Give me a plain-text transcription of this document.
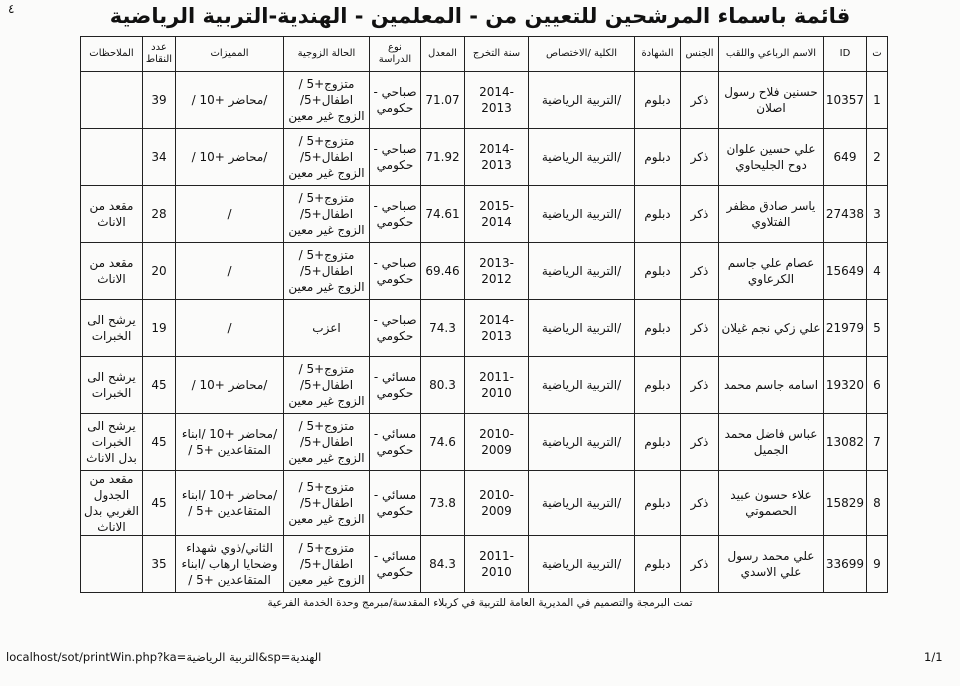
٤	قائمة باسماء المرشحين للتعيين من - المعلمين - الهندية-التربية الرياضية
ت	ID	الاسم الرباعي واللقب	الجنس	الشهادة	الكلية /الاختصاص	سنة التخرج	المعدل	نوع الدراسة	الحالة الزوجية	المميزات	عدد النقاط	الملاحظات
1	10357	حسنين فلاح رسول اصلان	ذكر	دبلوم	/التربية الرياضية	2014-2013	71.07	صباحي - حكومي	متزوج+5 / اطفال+5/ الزوج غير معين	/محاضر +10 /	39	
2	649	علي حسين علوان دوح الجليحاوي	ذكر	دبلوم	/التربية الرياضية	2014-2013	71.92	صباحي - حكومي	متزوج+5 / اطفال+5/ الزوج غير معين	/محاضر +10 /	34	
3	27438	ياسر صادق مظفر الفتلاوي	ذكر	دبلوم	/التربية الرياضية	2015-2014	74.61	صباحي - حكومي	متزوج+5 / اطفال+5/ الزوج غير معين	/	28	مقعد من الاناث
4	15649	عصام علي جاسم الكرعاوي	ذكر	دبلوم	/التربية الرياضية	2013-2012	69.46	صباحي - حكومي	متزوج+5 / اطفال+5/ الزوج غير معين	/	20	مقعد من الاناث
5	21979	علي زكي نجم غيلان	ذكر	دبلوم	/التربية الرياضية	2014-2013	74.3	صباحي - حكومي	اعزب	/	19	يرشح الى الخبرات
6	19320	اسامه جاسم محمد	ذكر	دبلوم	/التربية الرياضية	2011-2010	80.3	مسائي - حكومي	متزوج+5 / اطفال+5/ الزوج غير معين	/محاضر +10 /	45	يرشح الى الخبرات
7	13082	عباس فاضل محمد الجميل	ذكر	دبلوم	/التربية الرياضية	2010-2009	74.6	مسائي - حكومي	متزوج+5 / اطفال+5/ الزوج غير معين	/محاضر +10 /ابناء المتقاعدين +5 /	45	يرشح الى الخبرات بدل الاناث
8	15829	علاء حسون عبيد الحصموتي	ذكر	دبلوم	/التربية الرياضية	2010-2009	73.8	مسائي - حكومي	متزوج+5 / اطفال+5/ الزوج غير معين	/محاضر +10 /ابناء المتقاعدين +5 /	45	مقعد من الجدول الغربي بدل الاناث
9	33699	علي محمد رسول علي الاسدي	ذكر	دبلوم	/التربية الرياضية	2011-2010	84.3	مسائي - حكومي	متزوج+5 / اطفال+5/ الزوج غير معين	الثاني/ذوي شهداء وضحايا ارهاب /ابناء المتقاعدين +5 /	35	
تمت البرمجة والتصميم في المديرية العامة للتربية في كربلاء المقدسة/مبرمج وحدة الخدمة الفرعية
localhost/sot/printWin.php?ka=التربية الرياضية&sp=الهندية	1/1
